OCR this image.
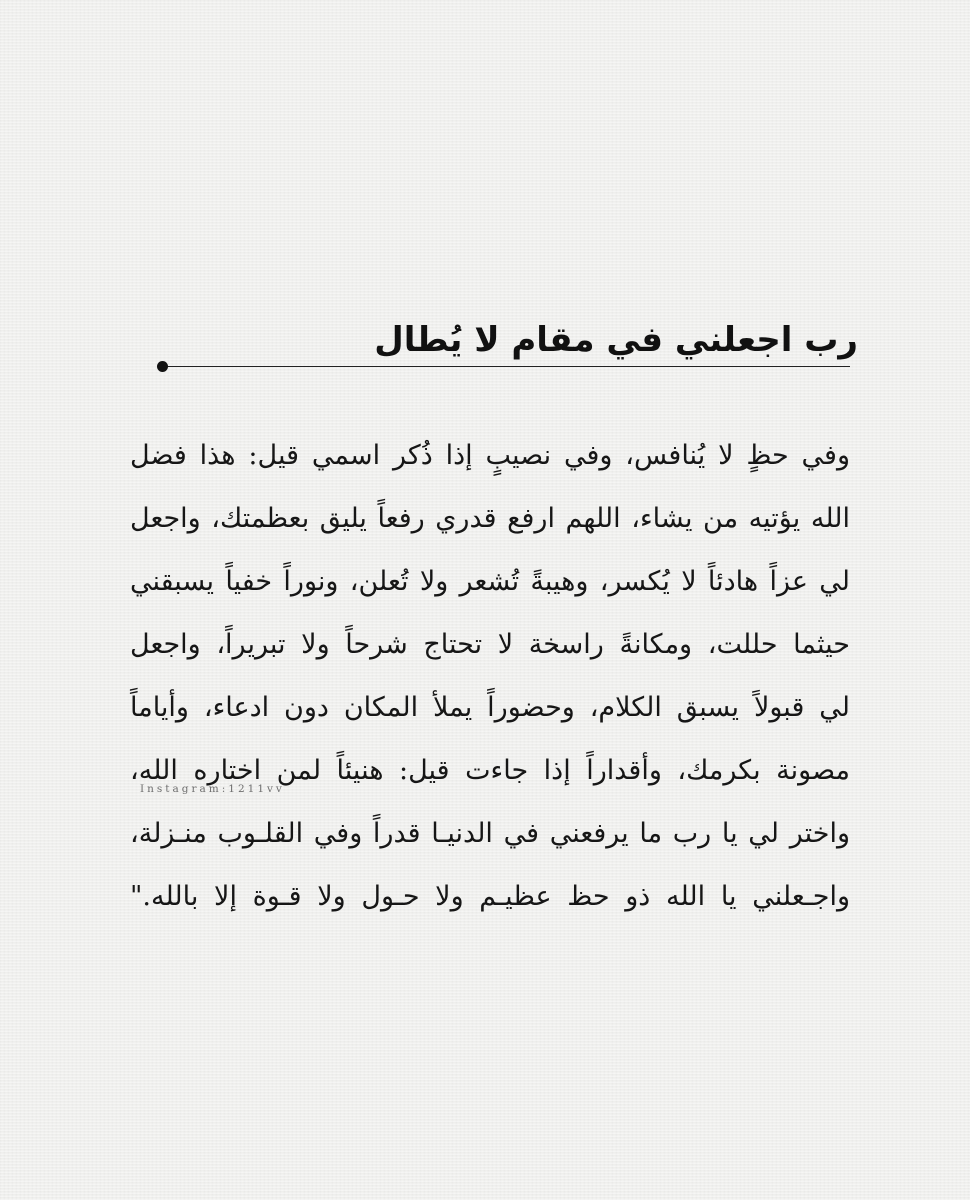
رب اجعلني في مقام لا يُطال
وفي حظٍ لا يُنافس، وفي نصيبٍ إذا ذُكر اسمي قيل: هذا فضل
الله يؤتيه من يشاء، اللهم ارفع قدري رفعاً يليق بعظمتك، واجعل
لي عزاً هادئاً لا يُكسر، وهيبةً تُشعر ولا تُعلن، ونوراً خفياً يسبقني
حيثما حللت، ومكانةً راسخة لا تحتاج شرحاً ولا تبريراً، واجعل
لي قبولاً يسبق الكلام، وحضوراً يملأ المكان دون ادعاء، وأياماً
مصونة بكرمك، وأقداراً إذا جاءت قيل: هنيئاً لمن اختاره الله،
واختر لي يا رب ما يرفعني في الدنيـا قدراً وفي القلـوب منـزلة،
واجـعلني يا الله ذو حظ عظيـم ولا حـول ولا قـوة إلا بالله."
Instagram:1211vv
